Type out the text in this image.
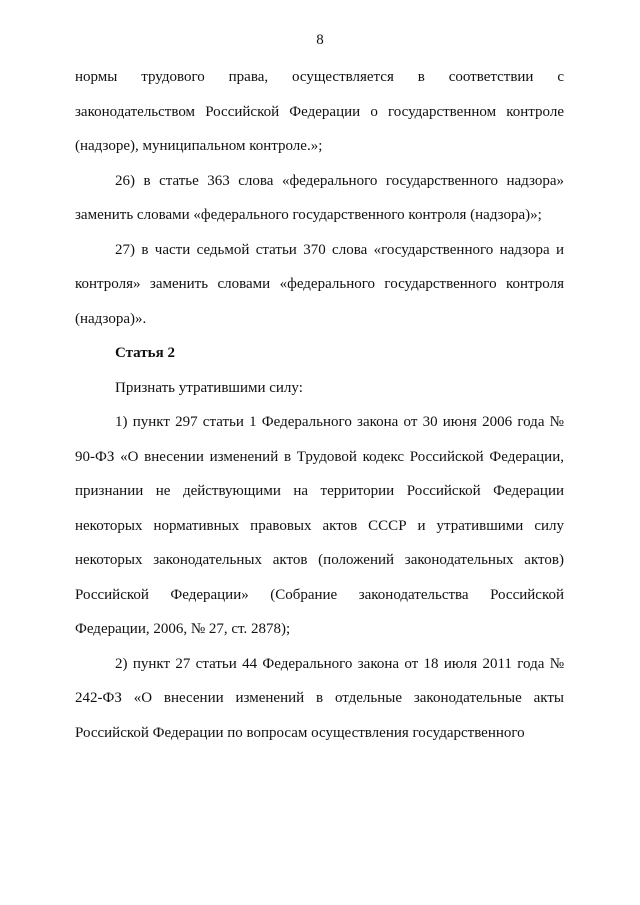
8

нормы трудового права, осуществляется в соответствии с законодательством Российской Федерации о государственном контроле (надзоре), муниципальном контроле.»;

26) в статье 363 слова «федерального государственного надзора» заменить словами «федерального государственного контроля (надзора)»;

27) в части седьмой статьи 370 слова «государственного надзора и контроля» заменить словами «федерального государственного контроля (надзора)».

Статья 2

Признать утратившими силу:

1) пункт 297 статьи 1 Федерального закона от 30 июня 2006 года № 90-ФЗ «О внесении изменений в Трудовой кодекс Российской Федерации, признании не действующими на территории Российской Федерации некоторых нормативных правовых актов СССР и утратившими силу некоторых законодательных актов (положений законодательных актов) Российской Федерации» (Собрание законодательства Российской Федерации, 2006, № 27, ст. 2878);

2) пункт 27 статьи 44 Федерального закона от 18 июля 2011 года № 242-ФЗ «О внесении изменений в отдельные законодательные акты Российской Федерации по вопросам осуществления государственного
